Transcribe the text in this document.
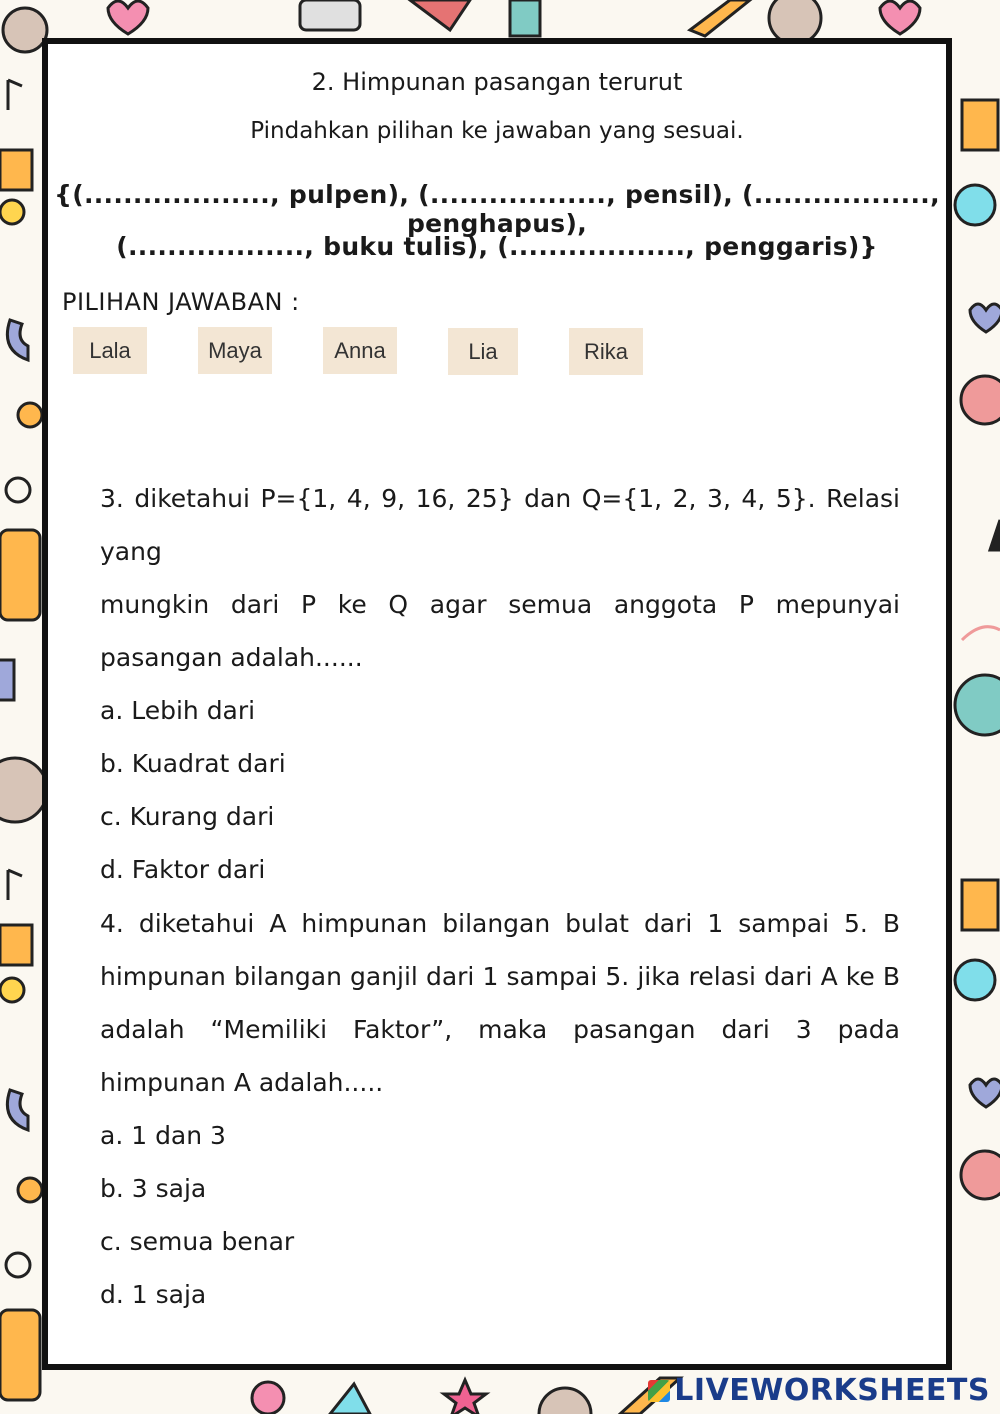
2. Himpunan pasangan terurut
Pindahkan pilihan ke jawaban yang sesuai.
{(..................., pulpen), (.................., pensil), (.................., penghapus),
(.................., buku tulis), (.................., penggaris)}
PILIHAN JAWABAN :
Lala	Maya	Anna	Lia	Rika

3. diketahui P={1, 4, 9, 16, 25} dan Q={1, 2, 3, 4, 5}. Relasi yang

mungkin dari P ke Q agar semua anggota P mepunyai

pasangan adalah......

a. Lebih dari

b. Kuadrat dari

c. Kurang dari

d. Faktor dari

4. diketahui A himpunan bilangan bulat dari 1 sampai 5. B

himpunan bilangan ganjil dari 1 sampai 5. jika relasi dari A ke B

adalah “Memiliki Faktor”, maka pasangan dari 3 pada

himpunan A adalah.....

a. 1 dan 3

b. 3 saja

c. semua benar

d. 1 saja

LIVEWORKSHEETS
